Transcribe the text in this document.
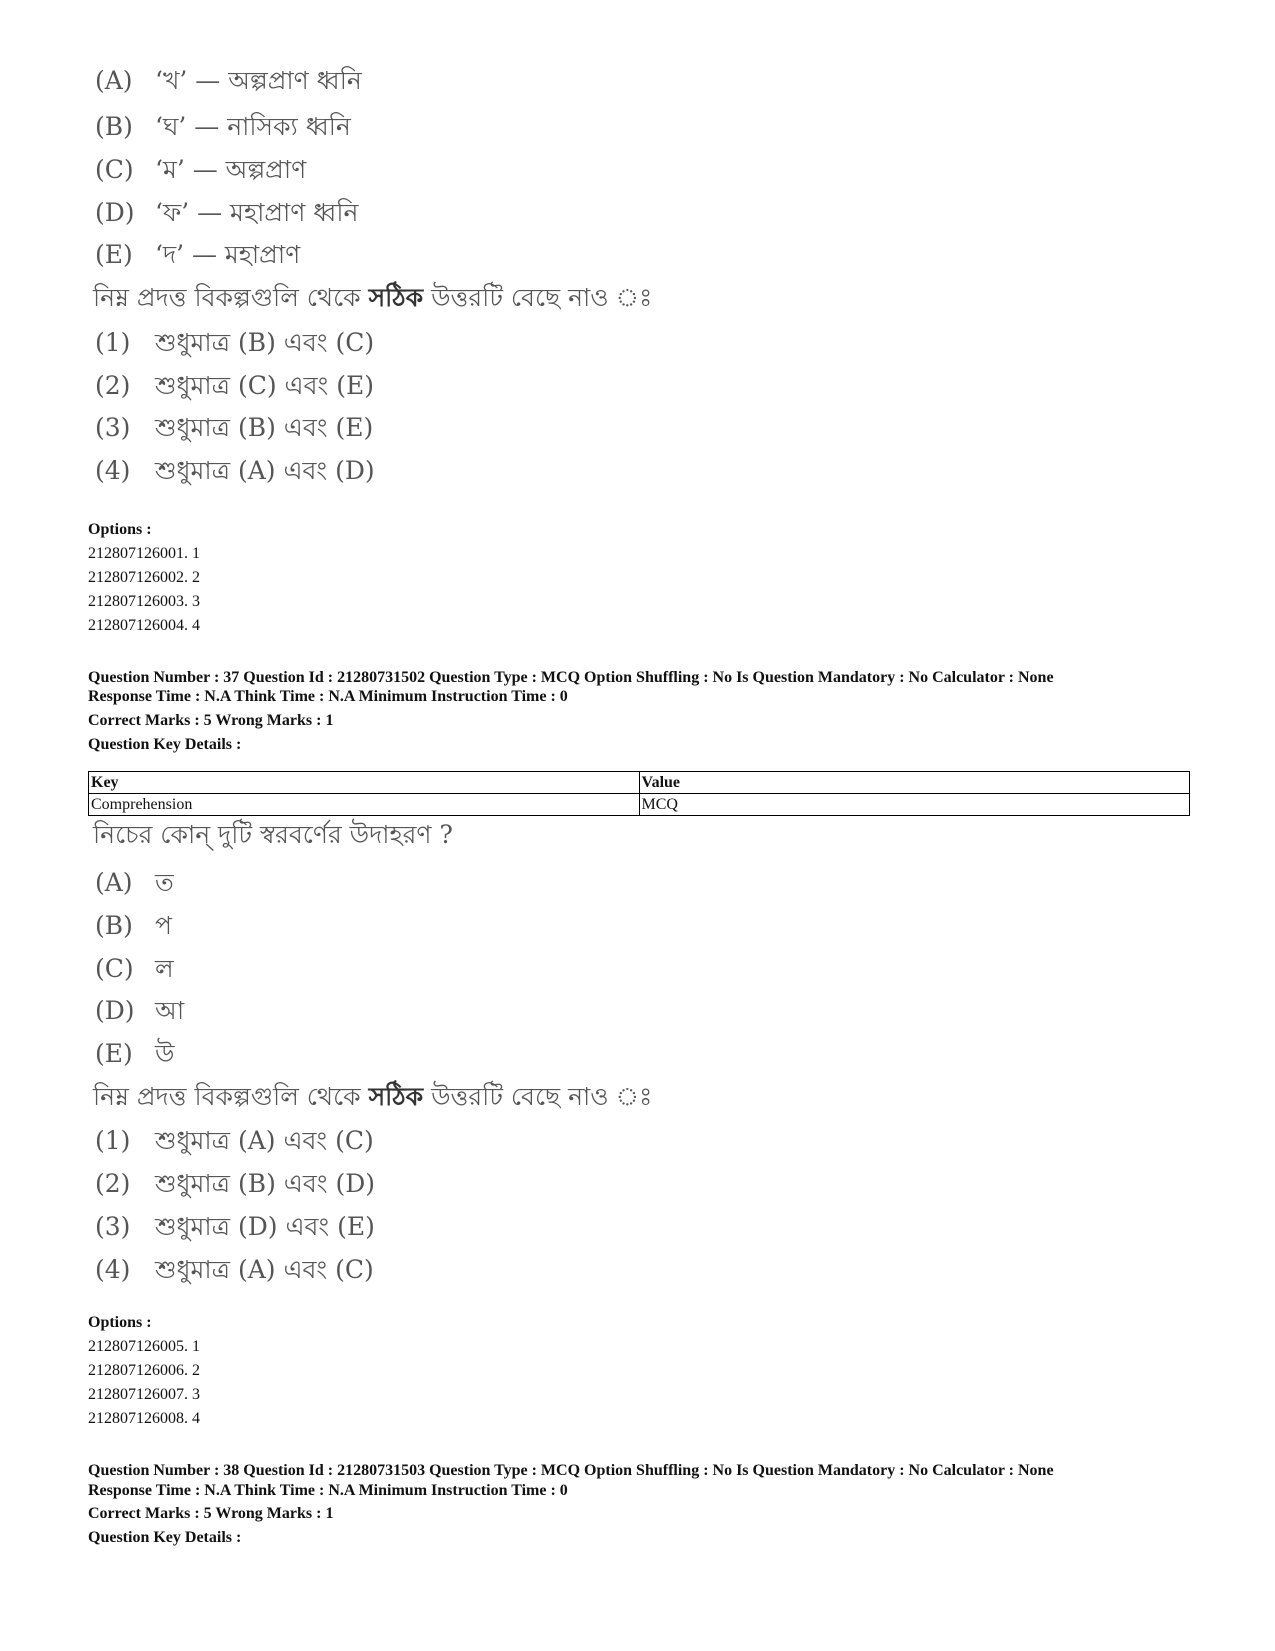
(A) ‘খ’ — অল্পপ্রাণ ধ্বনি
(B) ‘ঘ’ — নাসিক্য ধ্বনি
(C) ‘ম’ — অল্পপ্রাণ
(D) ‘ফ’ — মহাপ্রাণ ধ্বনি
(E) ‘দ’ — মহাপ্রাণ
নিম্ন প্রদত্ত বিকল্পগুলি থেকে সঠিক উত্তরটি বেছে নাও ঃ
(1) শুধুমাত্র (B) এবং (C)
(2) শুধুমাত্র (C) এবং (E)
(3) শুধুমাত্র (B) এবং (E)
(4) শুধুমাত্র (A) এবং (D)
Options :
212807126001. 1
212807126002. 2
212807126003. 3
212807126004. 4
Question Number : 37 Question Id : 21280731502 Question Type : MCQ Option Shuffling : No Is Question Mandatory : No Calculator : None
Response Time : N.A Think Time : N.A Minimum Instruction Time : 0
Correct Marks : 5 Wrong Marks : 1
Question Key Details :
Key	Value
Comprehension	MCQ
নিচের কোন্ দুটি স্বরবর্ণের উদাহরণ ?
(A) ত
(B) প
(C) ল
(D) আ
(E) উ
নিম্ন প্রদত্ত বিকল্পগুলি থেকে সঠিক উত্তরটি বেছে নাও ঃ
(1) শুধুমাত্র (A) এবং (C)
(2) শুধুমাত্র (B) এবং (D)
(3) শুধুমাত্র (D) এবং (E)
(4) শুধুমাত্র (A) এবং (C)
Options :
212807126005. 1
212807126006. 2
212807126007. 3
212807126008. 4
Question Number : 38 Question Id : 21280731503 Question Type : MCQ Option Shuffling : No Is Question Mandatory : No Calculator : None
Response Time : N.A Think Time : N.A Minimum Instruction Time : 0
Correct Marks : 5 Wrong Marks : 1
Question Key Details :
